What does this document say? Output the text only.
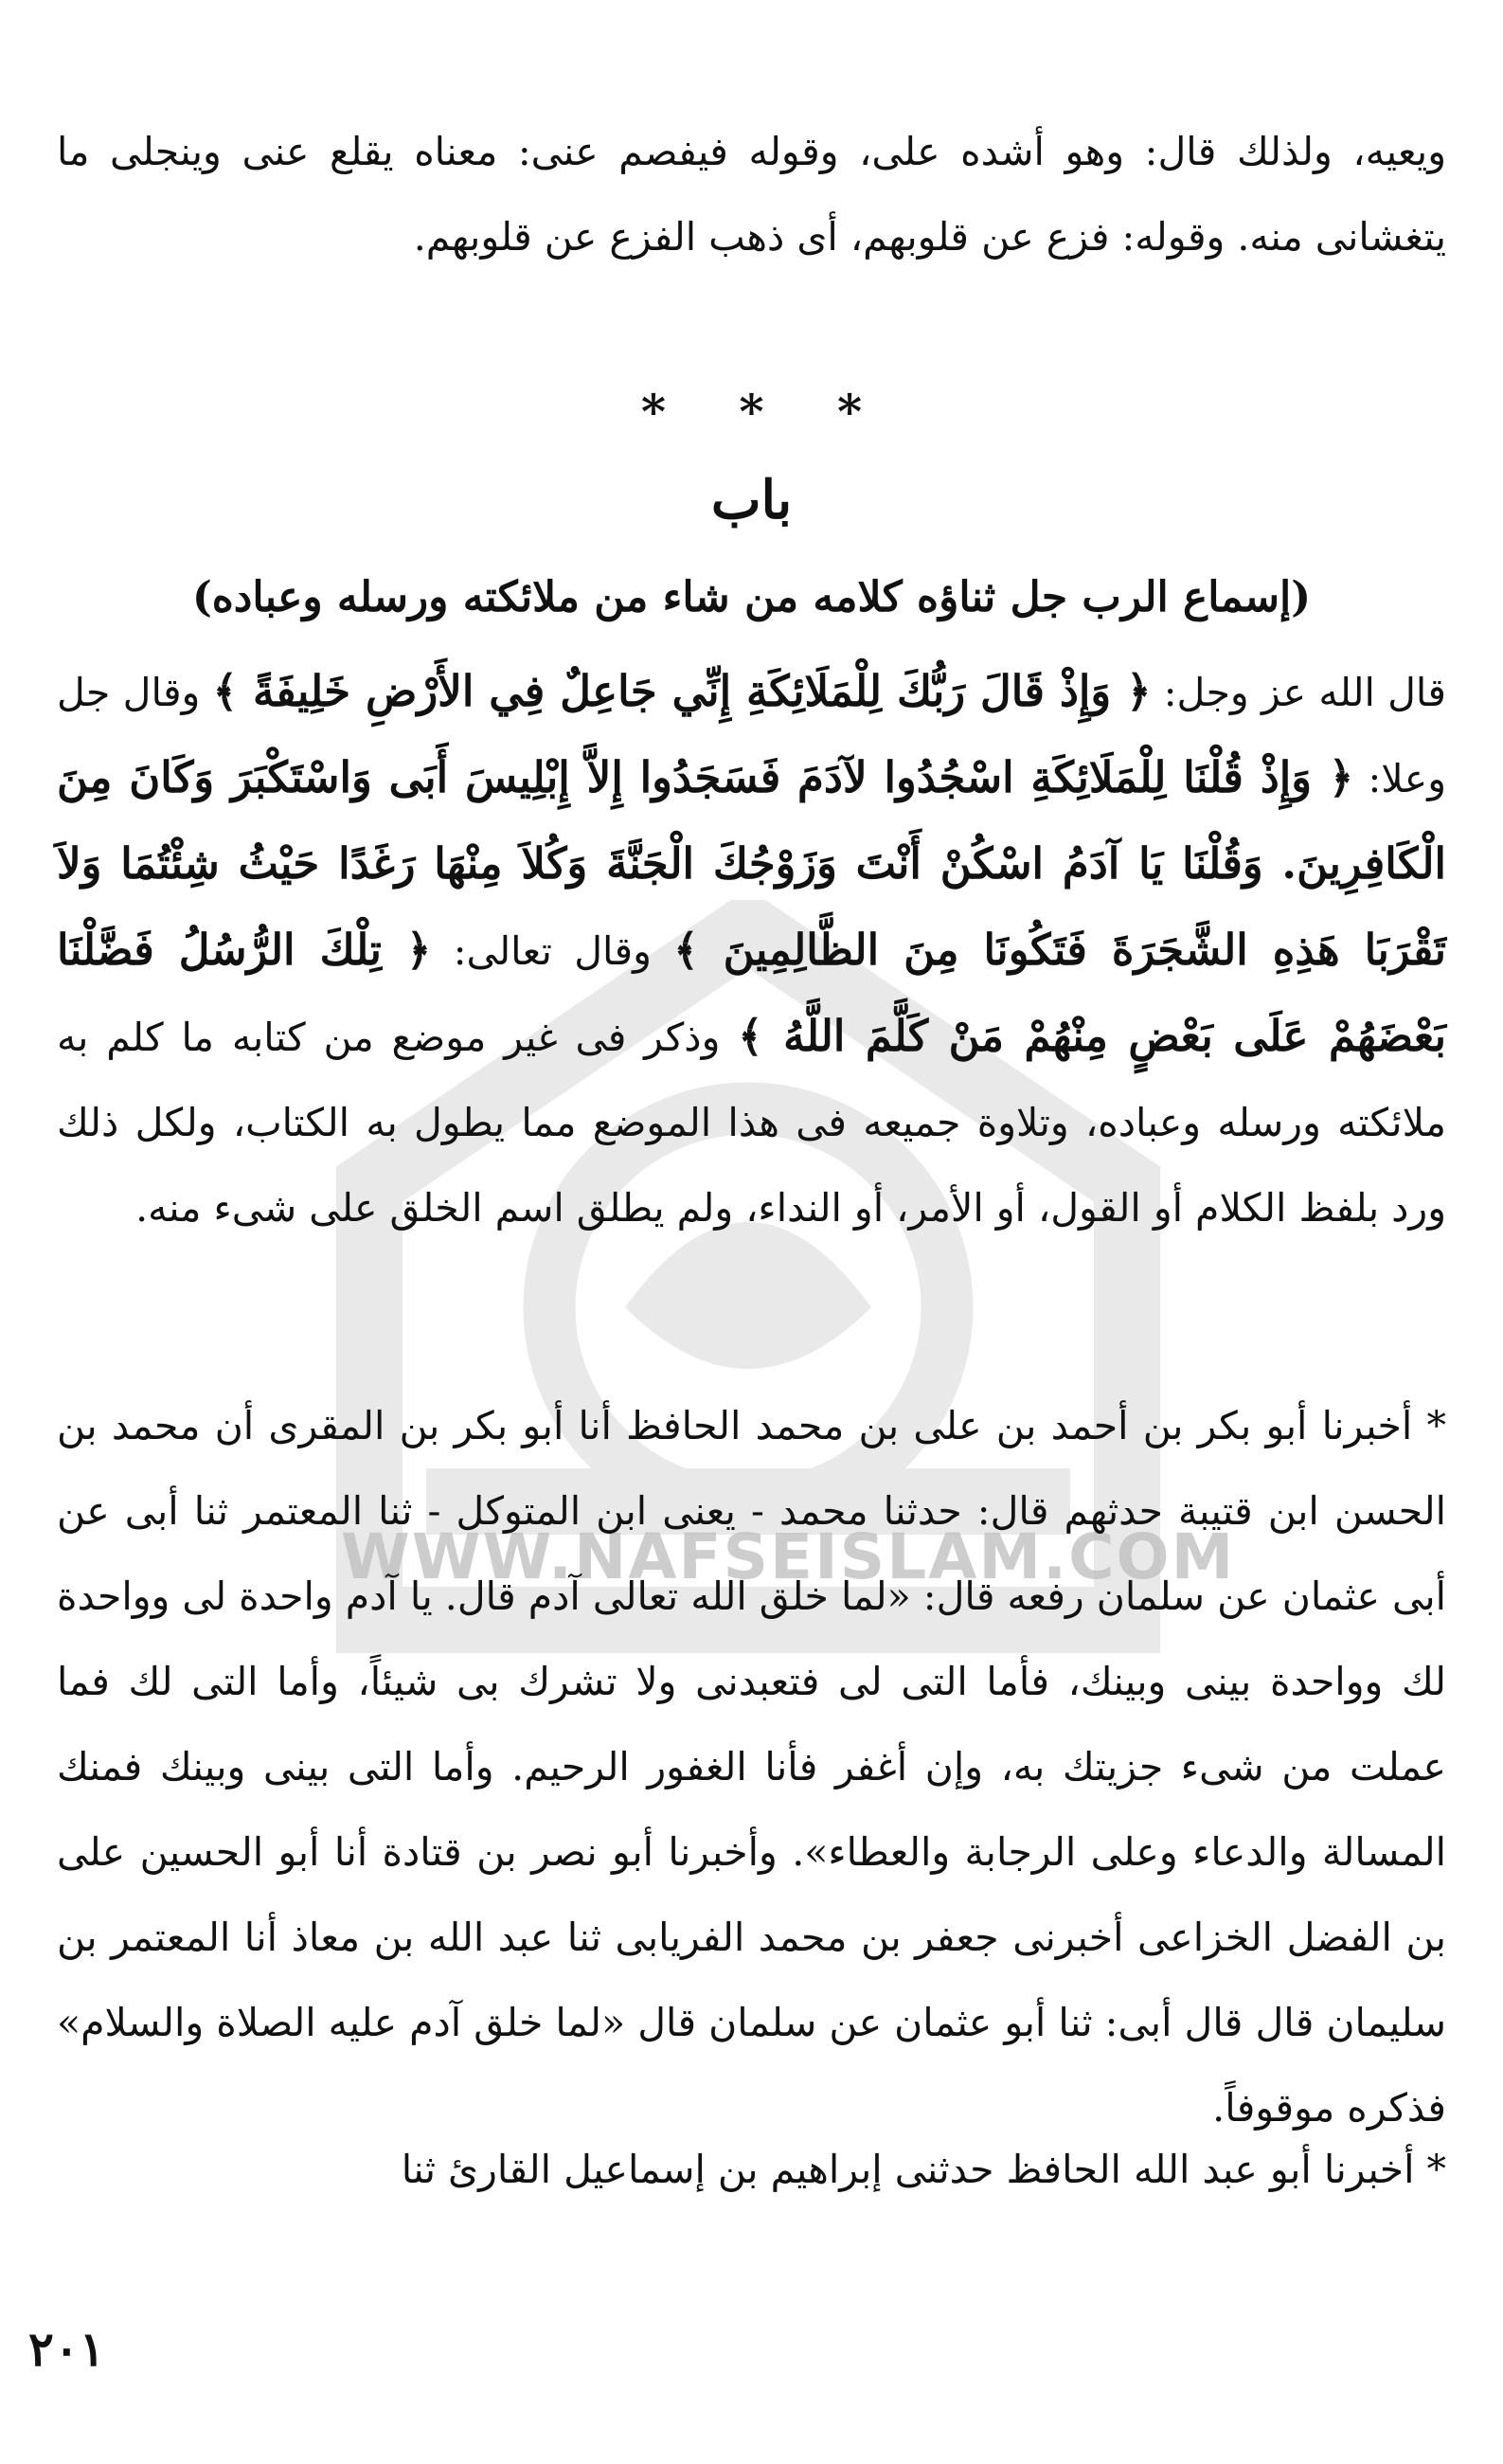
WWW.NAFSEISLAM.COM
ويعيه، ولذلك قال: وهو أشده على، وقوله فيفصم عنى: معناه يقلع عنى وينجلى ما يتغشانى منه. وقوله: فزع عن قلوبهم، أى ذهب الفزع عن قلوبهم.
* * *
باب
(إسماع الرب جل ثناؤه كلامه من شاء من ملائكته ورسله وعباده)
قال الله عز وجل: ﴿ وَإِذْ قَالَ رَبُّكَ لِلْمَلَائِكَةِ إِنِّي جَاعِلٌ فِي الأَرْضِ خَلِيفَةً ﴾ وقال جل وعلا: ﴿ وَإِذْ قُلْنَا لِلْمَلَائِكَةِ اسْجُدُوا لآدَمَ فَسَجَدُوا إِلاَّ إِبْلِيسَ أَبَى وَاسْتَكْبَرَ وَكَانَ مِنَ الْكَافِرِينَ. وَقُلْنَا يَا آدَمُ اسْكُنْ أَنْتَ وَزَوْجُكَ الْجَنَّةَ وَكُلاَ مِنْهَا رَغَدًا حَيْثُ شِئْتُمَا وَلاَ تَقْرَبَا هَذِهِ الشَّجَرَةَ فَتَكُونَا مِنَ الظَّالِمِينَ ﴾ وقال تعالى: ﴿ تِلْكَ الرُّسُلُ فَضَّلْنَا بَعْضَهُمْ عَلَى بَعْضٍ مِنْهُمْ مَنْ كَلَّمَ اللَّهُ ﴾ وذكر فى غير موضع من كتابه ما كلم به ملائكته ورسله وعباده، وتلاوة جميعه فى هذا الموضع مما يطول به الكتاب، ولكل ذلك ورد بلفظ الكلام أو القول، أو الأمر، أو النداء، ولم يطلق اسم الخلق على شىء منه.
* أخبرنا أبو بكر بن أحمد بن على بن محمد الحافظ أنا أبو بكر بن المقرى أن محمد بن الحسن ابن قتيبة حدثهم قال: حدثنا محمد - يعنى ابن المتوكل - ثنا المعتمر ثنا أبى عن أبى عثمان عن سلمان رفعه قال: «لما خلق الله تعالى آدم قال. يا آدم واحدة لى وواحدة لك وواحدة بينى وبينك، فأما التى لى فتعبدنى ولا تشرك بى شيئاً، وأما التى لك فما عملت من شىء جزيتك به، وإن أغفر فأنا الغفور الرحيم. وأما التى بينى وبينك فمنك المسالة والدعاء وعلى الرجابة والعطاء». وأخبرنا أبو نصر بن قتادة أنا أبو الحسين على بن الفضل الخزاعى أخبرنى جعفر بن محمد الفريابى ثنا عبد الله بن معاذ أنا المعتمر بن سليمان قال قال أبى: ثنا أبو عثمان عن سلمان قال «لما خلق آدم عليه الصلاة والسلام» فذكره موقوفاً.
* أخبرنا أبو عبد الله الحافظ حدثنى إبراهيم بن إسماعيل القارئ ثنا
٢٠١
